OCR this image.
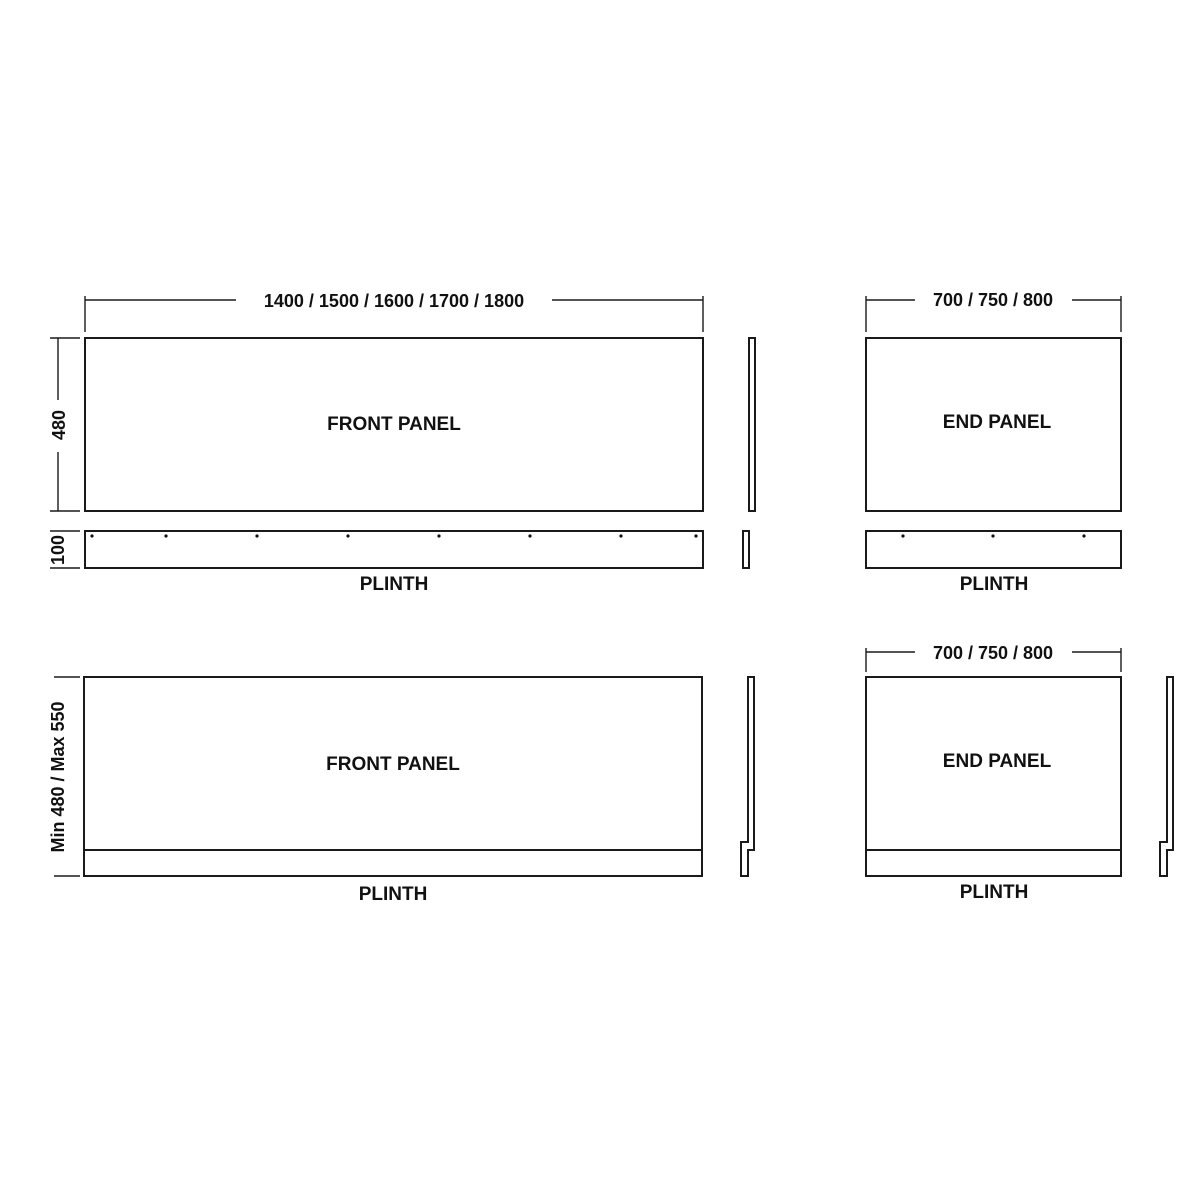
1400 / 1500 / 1600 / 1700 / 1800
480
100
FRONT PANEL
PLINTH
700 / 750 / 800
END PANEL
PLINTH
Min 480 / Max 550	FRONT PANEL
PLINTH
700 / 750 / 800
END PANEL
PLINTH
